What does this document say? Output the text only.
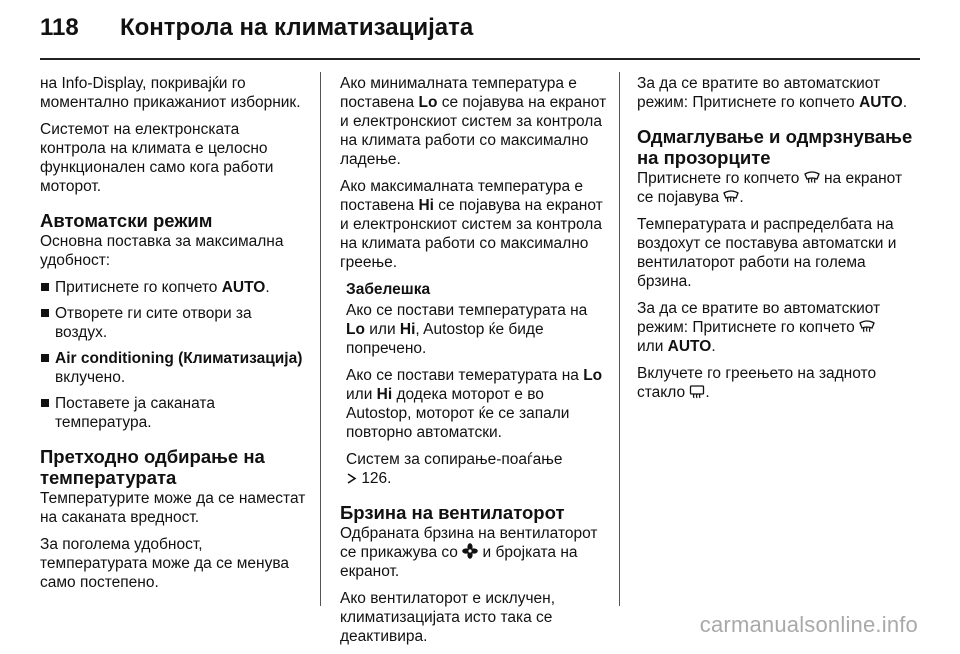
118 Контрола на климатизацијата

на Info-Display, покривајќи го моментално прикажаниот изборник.

Системот на електронската контрола на климата е целосно функционален само кога работи моторот.

Автоматски режим

Основна поставка за максимална удобност:

Притиснете го копчето AUTO.
Отворете ги сите отвори за воздух.
Air conditioning (Климатизација) вклучено.
Поставете ја саканата температура.
Претходно одбирање на температурата

Температурите може да се наместат на саканата вредност.

За поголема удобност, температурата може да се менува само постепено.

Ако минималната температура е поставена Lo се појавува на екранот и електронскиот систем за контрола на климата работи со максимално ладење.

Ако максималната температура е поставена Hi се појавува на екранот и електронскиот систем за контрола на климата работи со максимално греење.

Забелешка

Ако се постави температурата на Lo или Hi, Autostop ќе биде попречено.

Ако се постави темературата на Lo или Hi додека моторот е во Autostop, моторот ќе се запали повторно автоматски.

Систем за сопирање-поаѓање
126.

Брзина на вентилаторот

Одбраната брзина на вентилаторот се прикажува со  и бројката на екранот.

Ако вентилаторот е исклучен, климатизацијата исто така се деактивира.

За да се вратите во автоматскиот режим: Притиснете го копчето AUTO.

Одмаглување и одмрзнување на прозорците

Притиснете го копчето  на екранот се појавува .

Температурата и распределбата на воздохут се поставува автоматски и вентилаторот работи на голема брзина.

За да се вратите во автоматскиот режим: Притиснете го копчето
или AUTO.

Вклучете го греењето на задното стакло .

carmanualsonline.info
